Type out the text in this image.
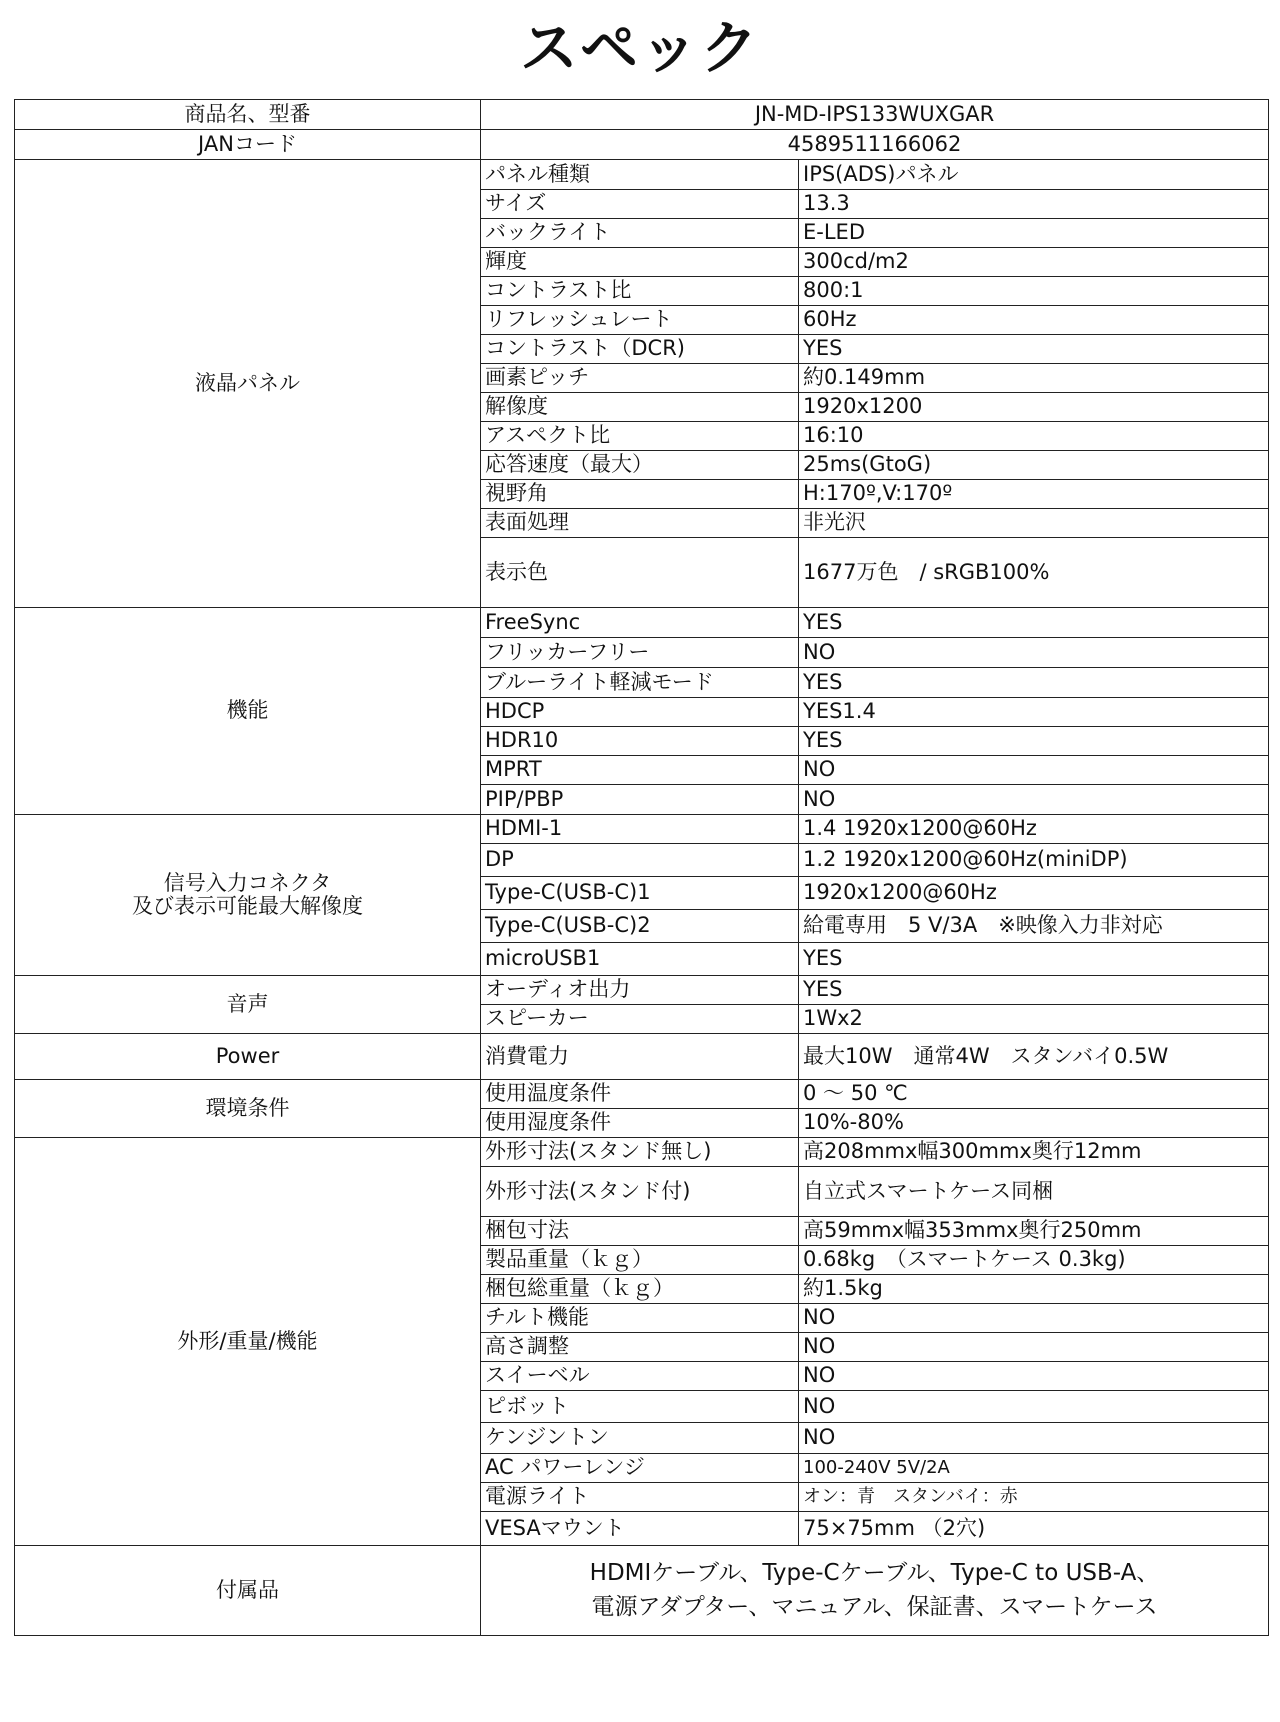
スペック
商品名、型番	JN-MD-IPS133WUXGAR	
JANコード	4589511166062	

液晶パネル	パネル種類	IPS(ADS)パネル
	サイズ	13.3
	バックライト	E-LED
	輝度	300cd/m2
	コントラスト比	800:1
	リフレッシュレート	60Hz
	コントラスト（DCR)	YES
	画素ピッチ	約0.149mm
	解像度	1920x1200
	アスペクト比	16:10
	応答速度（最大）	25ms(GtoG)
	視野角	H:170º,V:170º
	表面処理	非光沢
	表示色	1677万色　/ sRGB100%

機能	FreeSync	YES
	フリッカーフリー	NO
	ブルーライト軽減モード	YES
	HDCP	YES1.4
	HDR10	YES
	MPRT	NO
	PIP/PBP	NO

信号入力コネクタ
及び表示可能最大解像度	HDMI-1	1.4 1920x1200@60Hz
	DP	1.2 1920x1200@60Hz(miniDP)
	Type-C(USB-C)1	1920x1200@60Hz
	Type-C(USB-C)2	給電専用　5 V/3A　※映像入力非対応
	microUSB1	YES

音声	オーディオ出力	YES
	スピーカー	1Wx2

Power	消費電力	最大10W　通常4W　スタンバイ0.5W

環境条件	使用温度条件	0 ～ 50 ℃
	使用湿度条件	10%-80%

外形/重量/機能	外形寸法(スタンド無し)	高208mmx幅300mmx奥行12mm
	外形寸法(スタンド付)	自立式スマートケース同梱
	梱包寸法	高59mmx幅353mmx奥行250mm
	製品重量（ｋｇ）	0.68kg　（スマートケース 0.3kg)
	梱包総重量（ｋｇ）	約1.5kg
	チルト機能	NO
	高さ調整	NO
	スイーベル	NO
	ピボット	NO
	ケンジントン	NO
	AC パワーレンジ	100-240V 5V/2A
	電源ライト	オン：青　スタンバイ：赤
	VESAマウント	75×75mm （2穴)
付属品	HDMIケーブル、Type-Cケーブル、Type-C to USB-A、
電源アダプター、マニュアル、保証書、スマートケース	
